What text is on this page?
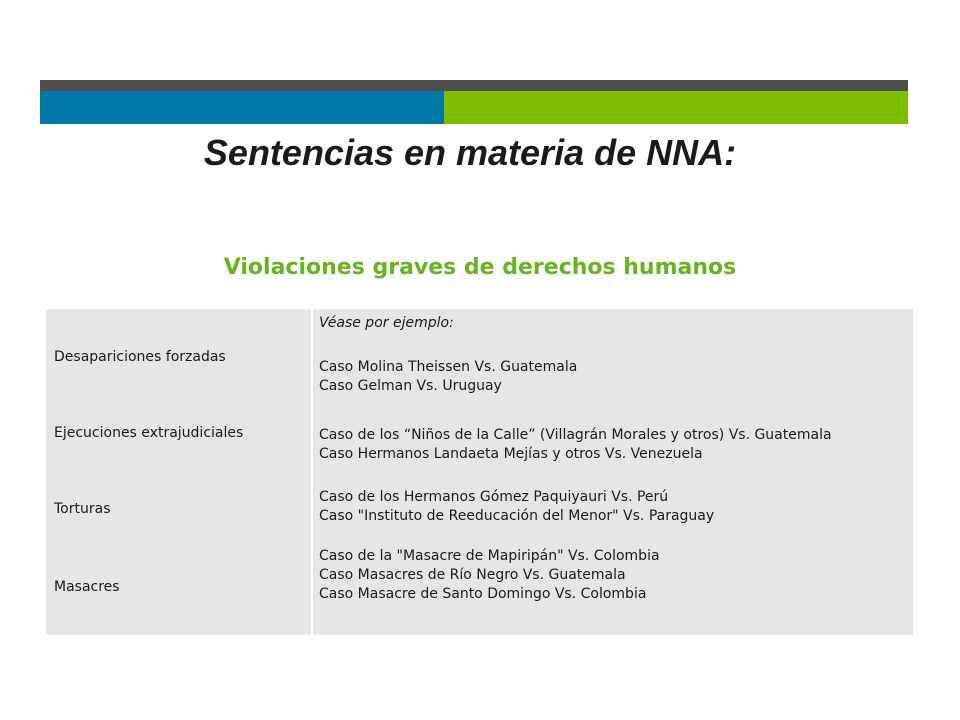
Sentencias en materia de NNA:
Violaciones graves de derechos humanos
Desapariciones forzadas
Ejecuciones extrajudiciales
Torturas
Masacres
Véase por ejemplo:
Caso Molina Theissen Vs. Guatemala
Caso Gelman Vs. Uruguay
Caso de los “Niños de la Calle” (Villagrán Morales y otros) Vs. Guatemala
Caso Hermanos Landaeta Mejías y otros Vs. Venezuela
Caso de los Hermanos Gómez Paquiyauri Vs. Perú
Caso "Instituto de Reeducación del Menor" Vs. Paraguay
Caso de la "Masacre de Mapiripán" Vs. Colombia
Caso Masacres de Río Negro Vs. Guatemala
Caso Masacre de Santo Domingo Vs. Colombia
